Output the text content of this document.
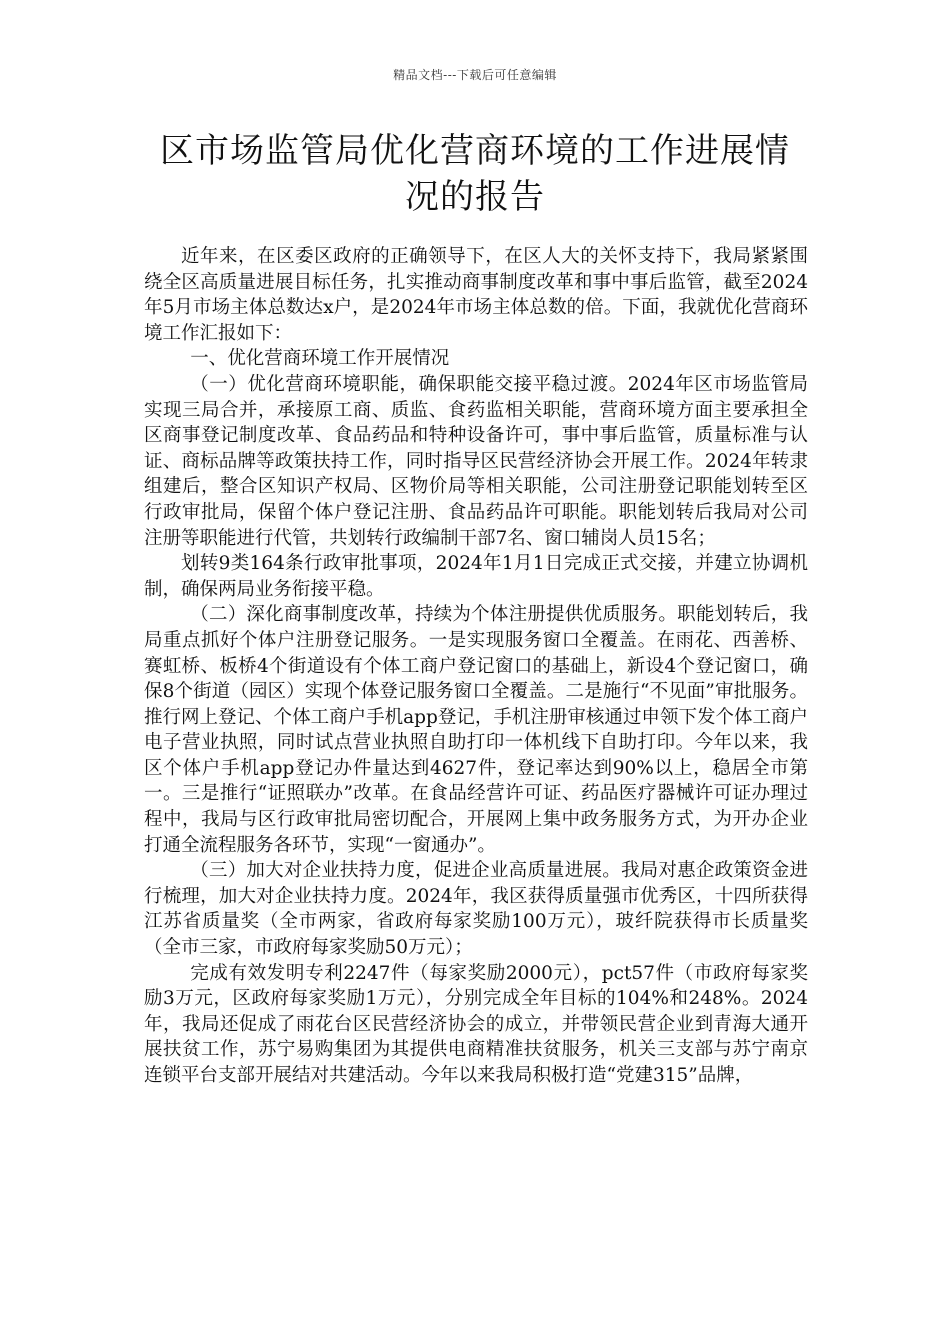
精品文档---下载后可任意编辑
区市场监管局优化营商环境的工作进展情况的报告

近年来，在区委区政府的正确领导下，在区人大的关怀支持下，我局紧紧围绕全区高质量进展目标任务，扎实推动商事制度改革和事中事后监管，截至2024年5月市场主体总数达x户，是2024年市场主体总数的倍。下面，我就优化营商环境工作汇报如下：

一、优化营商环境工作开展情况

（一）优化营商环境职能，确保职能交接平稳过渡。2024年区市场监管局实现三局合并，承接原工商、质监、食药监相关职能，营商环境方面主要承担全区商事登记制度改革、食品药品和特种设备许可，事中事后监管，质量标准与认证、商标品牌等政策扶持工作，同时指导区民营经济协会开展工作。2024年转隶组建后，整合区知识产权局、区物价局等相关职能，公司注册登记职能划转至区行政审批局，保留个体户登记注册、食品药品许可职能。职能划转后我局对公司注册等职能进行代管，共划转行政编制干部7名、窗口辅岗人员15名；

划转9类164条行政审批事项，2024年1月1日完成正式交接，并建立协调机制，确保两局业务衔接平稳。

（二）深化商事制度改革，持续为个体注册提供优质服务。职能划转后，我局重点抓好个体户注册登记服务。一是实现服务窗口全覆盖。在雨花、西善桥、赛虹桥、板桥4个街道设有个体工商户登记窗口的基础上，新设4个登记窗口，确保8个街道（园区）实现个体登记服务窗口全覆盖。二是施行“不见面”审批服务。推行网上登记、个体工商户手机app登记，手机注册审核通过申领下发个体工商户电子营业执照，同时试点营业执照自助打印一体机线下自助打印。今年以来，我区个体户手机app登记办件量达到4627件，登记率达到90%以上，稳居全市第一。三是推行“证照联办”改革。在食品经营许可证、药品医疗器械许可证办理过程中，我局与区行政审批局密切配合，开展网上集中政务服务方式，为开办企业打通全流程服务各环节，实现“一窗通办”。

（三）加大对企业扶持力度，促进企业高质量进展。我局对惠企政策资金进行梳理，加大对企业扶持力度。2024年，我区获得质量强市优秀区，十四所获得江苏省质量奖（全市两家，省政府每家奖励100万元），玻纤院获得市长质量奖（全市三家，市政府每家奖励50万元）；

完成有效发明专利2247件（每家奖励2000元），pct57件（市政府每家奖励3万元，区政府每家奖励1万元），分别完成全年目标的104%和248%。2024年，我局还促成了雨花台区民营经济协会的成立，并带领民营企业到青海大通开展扶贫工作，苏宁易购集团为其提供电商精准扶贫服务，机关三支部与苏宁南京连锁平台支部开展结对共建活动。今年以来我局积极打造“党建315”品牌，
